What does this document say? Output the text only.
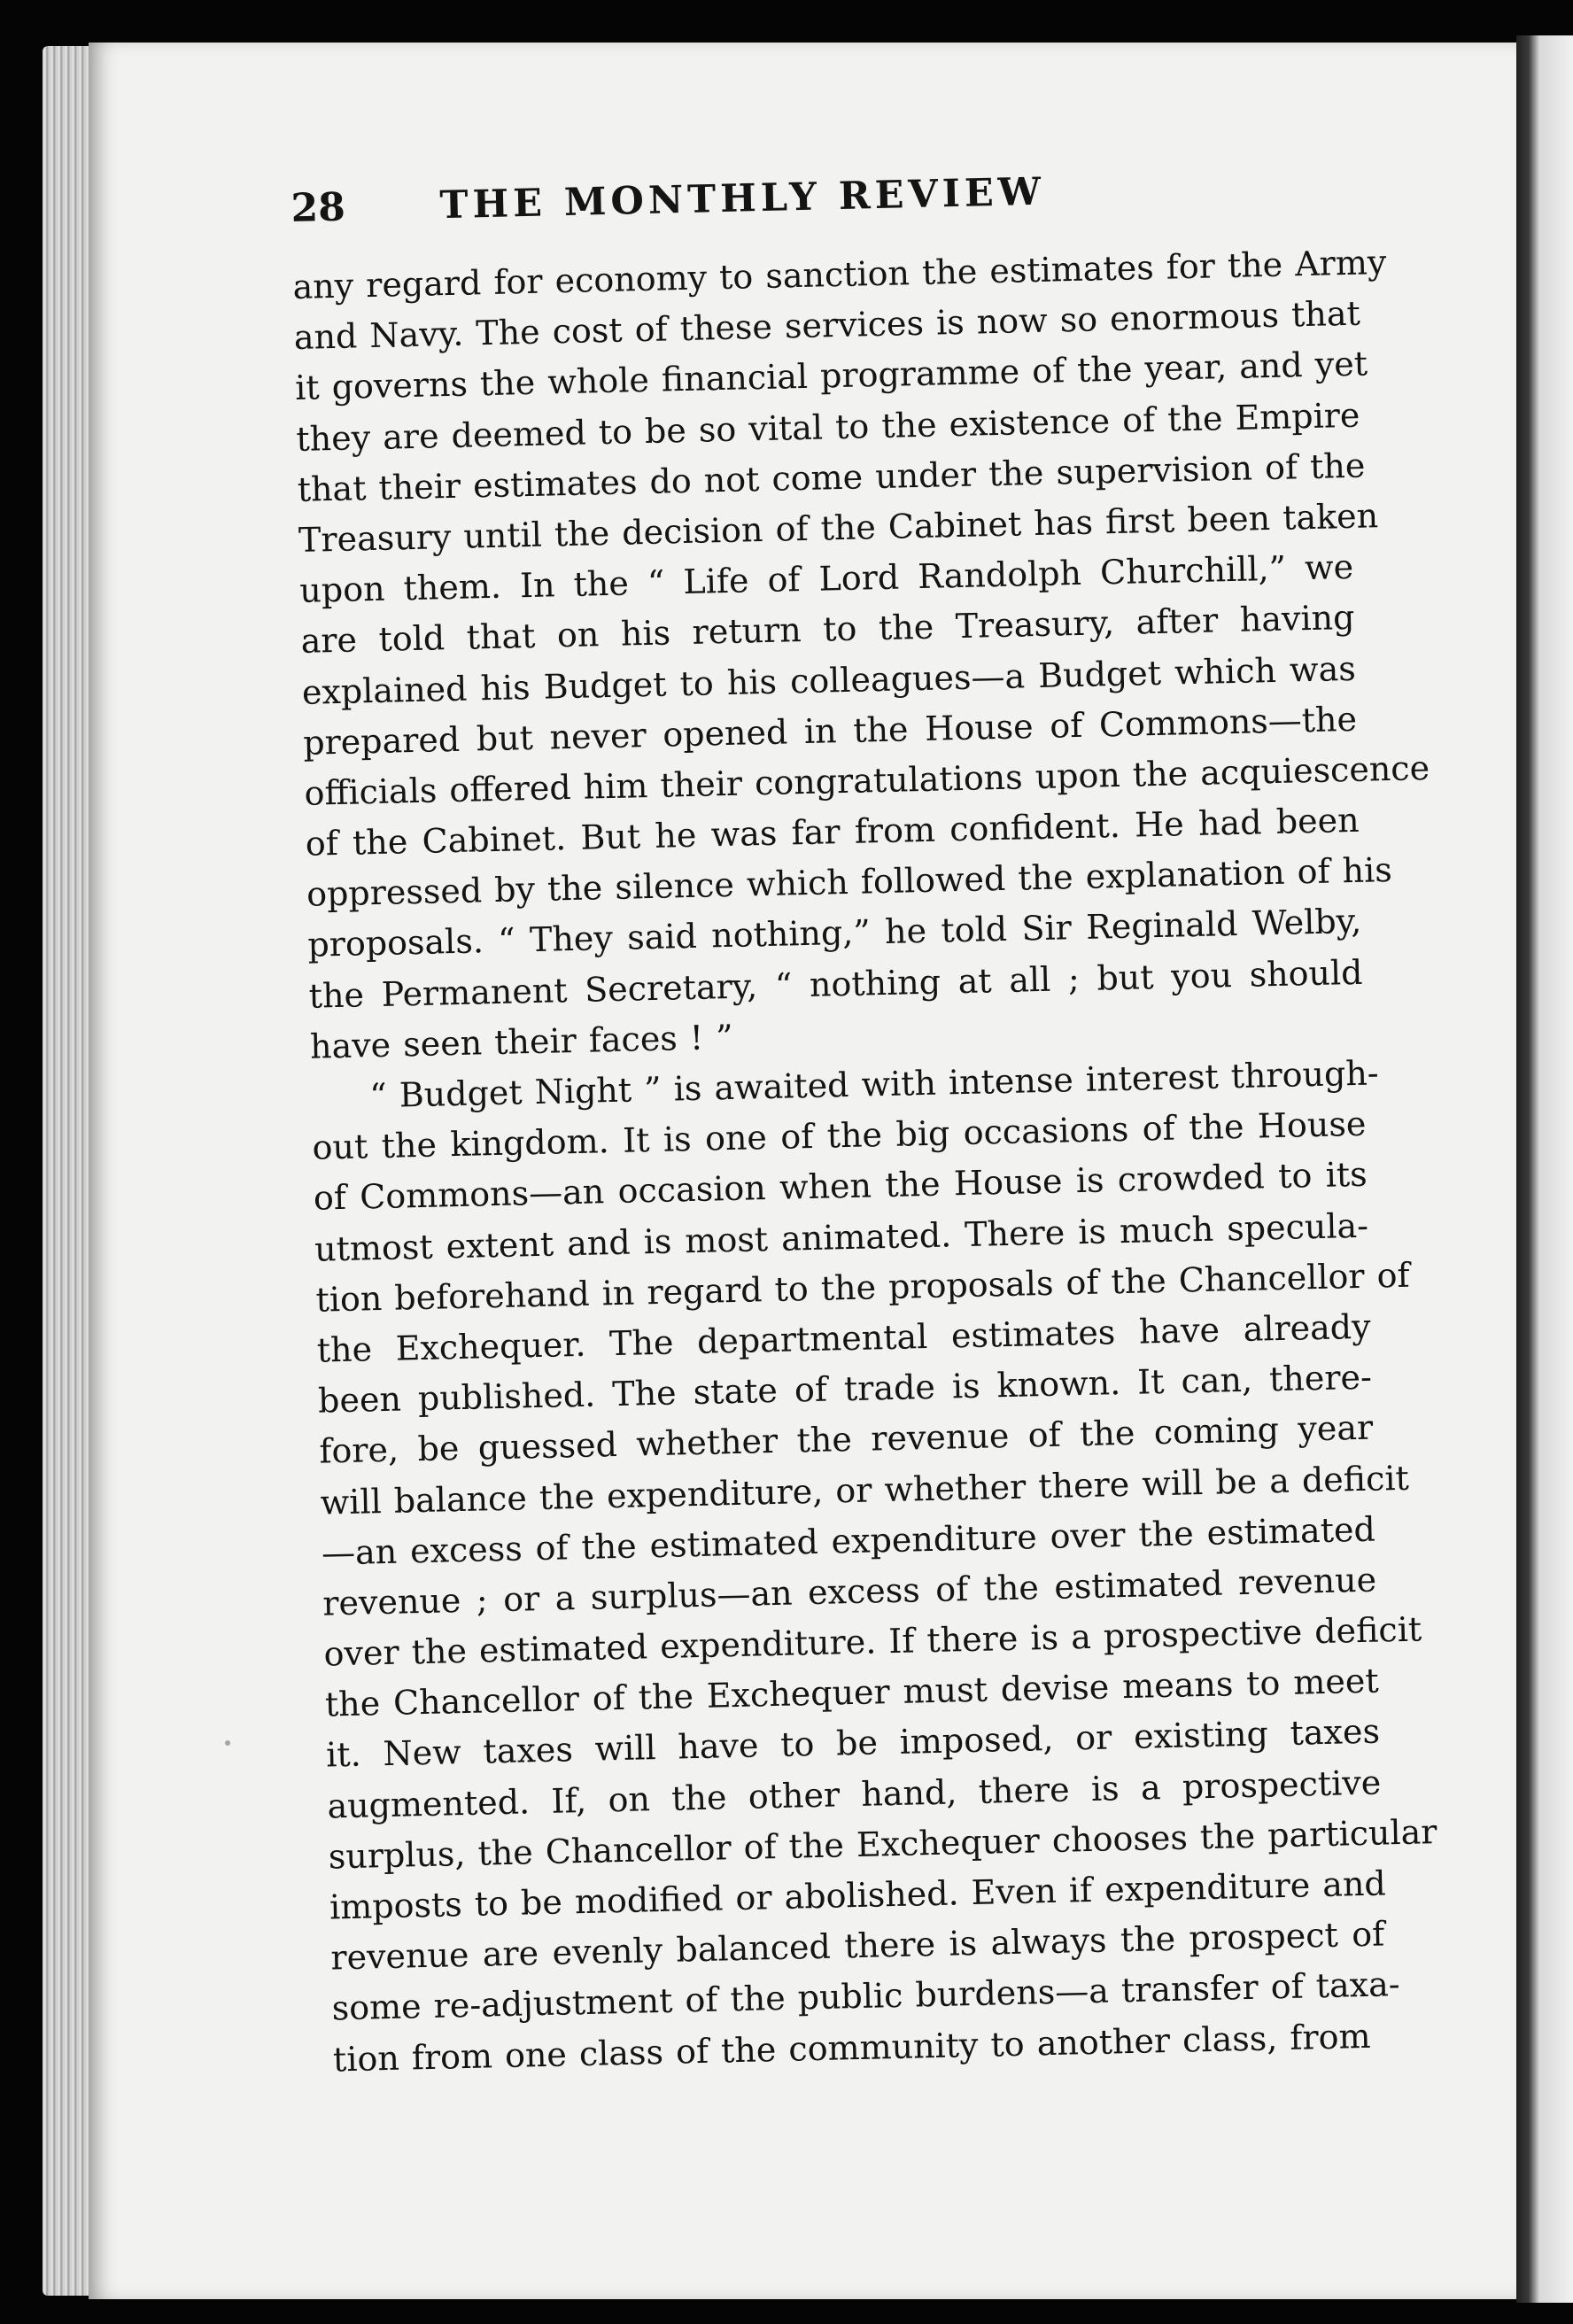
28	THE MONTHLY REVIEW
any regard for economy to sanction the estimates for the Army
and Navy. The cost of these services is now so enormous that
it governs the whole financial programme of the year, and yet
they are deemed to be so vital to the existence of the Empire
that their estimates do not come under the supervision of the
Treasury until the decision of the Cabinet has first been taken
upon them. In the “ Life of Lord Randolph Churchill,” we
are told that on his return to the Treasury, after having
explained his Budget to his colleagues—a Budget which was
prepared but never opened in the House of Commons—the
officials offered him their congratulations upon the acquiescence
of the Cabinet. But he was far from confident. He had been
oppressed by the silence which followed the explanation of his
proposals. “ They said nothing,” he told Sir Reginald Welby,
the Permanent Secretary, “ nothing at all ; but you should
have seen their faces ! ”
“ Budget Night ” is awaited with intense interest through-
out the kingdom. It is one of the big occasions of the House
of Commons—an occasion when the House is crowded to its
utmost extent and is most animated. There is much specula-
tion beforehand in regard to the proposals of the Chancellor of
the Exchequer. The departmental estimates have already
been published. The state of trade is known. It can, there-
fore, be guessed whether the revenue of the coming year
will balance the expenditure, or whether there will be a deficit
—an excess of the estimated expenditure over the estimated
revenue ; or a surplus—an excess of the estimated revenue
over the estimated expenditure. If there is a prospective deficit
the Chancellor of the Exchequer must devise means to meet
it. New taxes will have to be imposed, or existing taxes
augmented. If, on the other hand, there is a prospective
surplus, the Chancellor of the Exchequer chooses the particular
imposts to be modified or abolished. Even if expenditure and
revenue are evenly balanced there is always the prospect of
some re-adjustment of the public burdens—a transfer of taxa-
tion from one class of the community to another class, from
